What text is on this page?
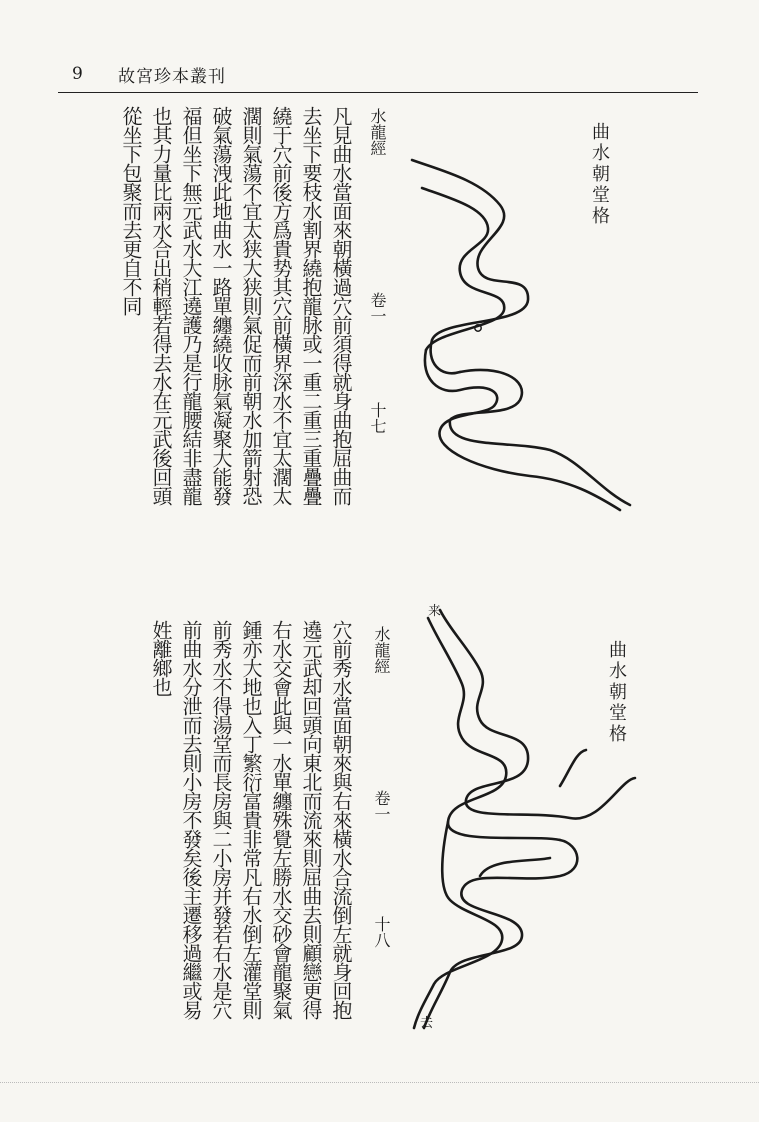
9 故宮珍本叢刊
曲水朝堂格
水龍經
卷一
十七
凡見曲水當面來朝橫過穴前須得就身曲抱屈曲而
去坐下要枝水割界繞抱龍脉或一重二重三重疊疊
繞于穴前後方爲貴势其穴前橫界深水不宜太濶太
濶則氣蕩不宜太狭大狭則氣促而前朝水加箭射恐
破氣蕩洩此地曲水一路單纏繞收脉氣凝聚大能發
福但坐下無元武水大江遶護乃是行龍腰結非盡龍
也其力量比兩水合出稍輕若得去水在元武後回頭
從坐下包聚而去更自不同
曲水朝堂格
来
去
水龍經
卷一
十八
穴前秀水當面朝來與右來橫水合流倒左就身回抱
遶元武却回頭向東北而流來則屈曲去則顧戀更得
右水交會此與一水單纏殊覺左勝水交砂會龍聚氣
鍾亦大地也入丁繁衍富貴非常凡右水倒左灌堂則
前秀水不得湯堂而長房與二小房并發若右水是穴
前曲水分泄而去則小房不發矣後主遷移過繼或易
姓離鄉也
